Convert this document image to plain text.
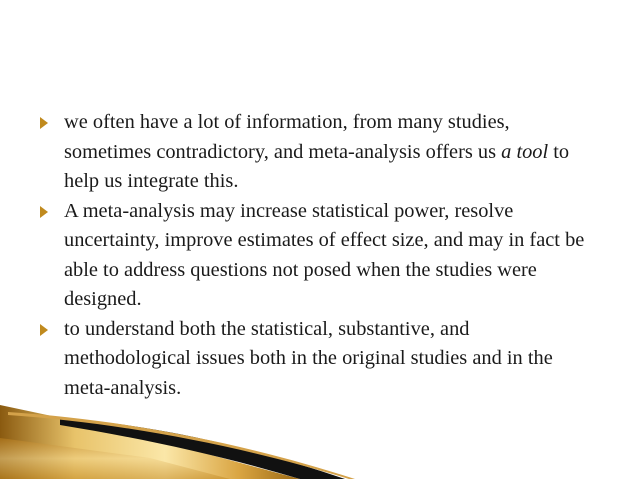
we often have a lot of information, from many studies, sometimes contradictory, and meta-analysis offers us a tool to help us integrate this.
A meta-analysis may increase statistical power, resolve uncertainty, improve estimates of effect size, and may in fact be able to address questions not posed when the studies were designed.
to understand both the statistical, substantive, and methodological issues both in the original studies and in the meta-analysis.
